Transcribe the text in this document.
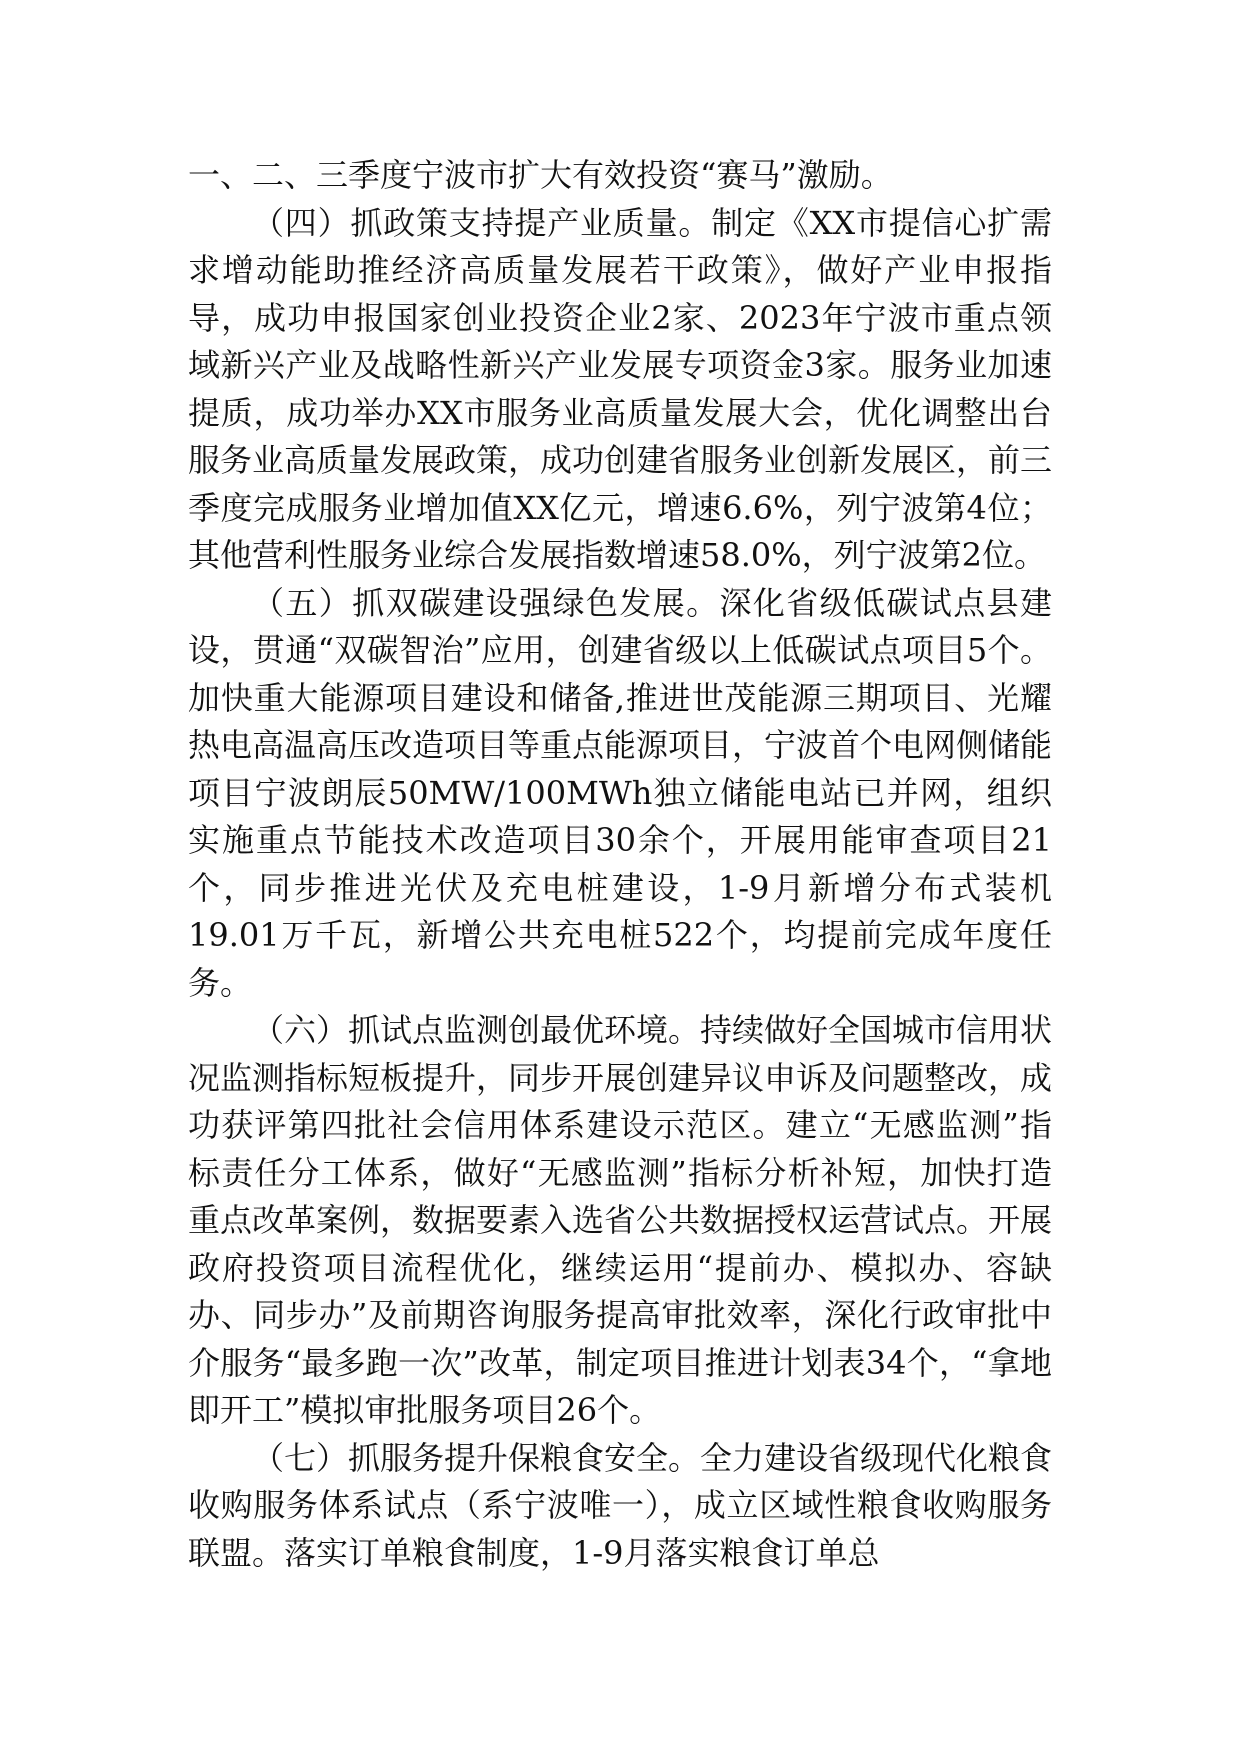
一、二、三季度宁波市扩大有效投资“赛马”激励。

（四）抓政策支持提产业质量。制定《XX市提信心扩需求增动能助推经济高质量发展若干政策》，做好产业申报指导，成功申报国家创业投资企业2家、2023年宁波市重点领域新兴产业及战略性新兴产业发展专项资金3家。服务业加速提质，成功举办XX市服务业高质量发展大会，优化调整出台服务业高质量发展政策，成功创建省服务业创新发展区，前三季度完成服务业增加值XX亿元，增速6.6%，列宁波第4位；其他营利性服务业综合发展指数增速58.0%，列宁波第2位。

（五）抓双碳建设强绿色发展。深化省级低碳试点县建设，贯通“双碳智治”应用，创建省级以上低碳试点项目5个。加快重大能源项目建设和储备,推进世茂能源三期项目、光耀热电高温高压改造项目等重点能源项目，宁波首个电网侧储能项目宁波朗辰50MW/100MWh独立储能电站已并网，组织实施重点节能技术改造项目30余个，开展用能审查项目21个，同步推进光伏及充电桩建设，1-9月新增分布式装机19.01万千瓦，新增公共充电桩522个，均提前完成年度任务。

（六）抓试点监测创最优环境。持续做好全国城市信用状况监测指标短板提升，同步开展创建异议申诉及问题整改，成功获评第四批社会信用体系建设示范区。建立“无感监测”指标责任分工体系，做好“无感监测”指标分析补短，加快打造重点改革案例，数据要素入选省公共数据授权运营试点。开展政府投资项目流程优化，继续运用“提前办、模拟办、容缺办、同步办”及前期咨询服务提高审批效率，深化行政审批中介服务“最多跑一次”改革，制定项目推进计划表34个，“拿地即开工”模拟审批服务项目26个。

（七）抓服务提升保粮食安全。全力建设省级现代化粮食收购服务体系试点（系宁波唯一），成立区域性粮食收购服务联盟。落实订单粮食制度，1-9月落实粮食订单总
